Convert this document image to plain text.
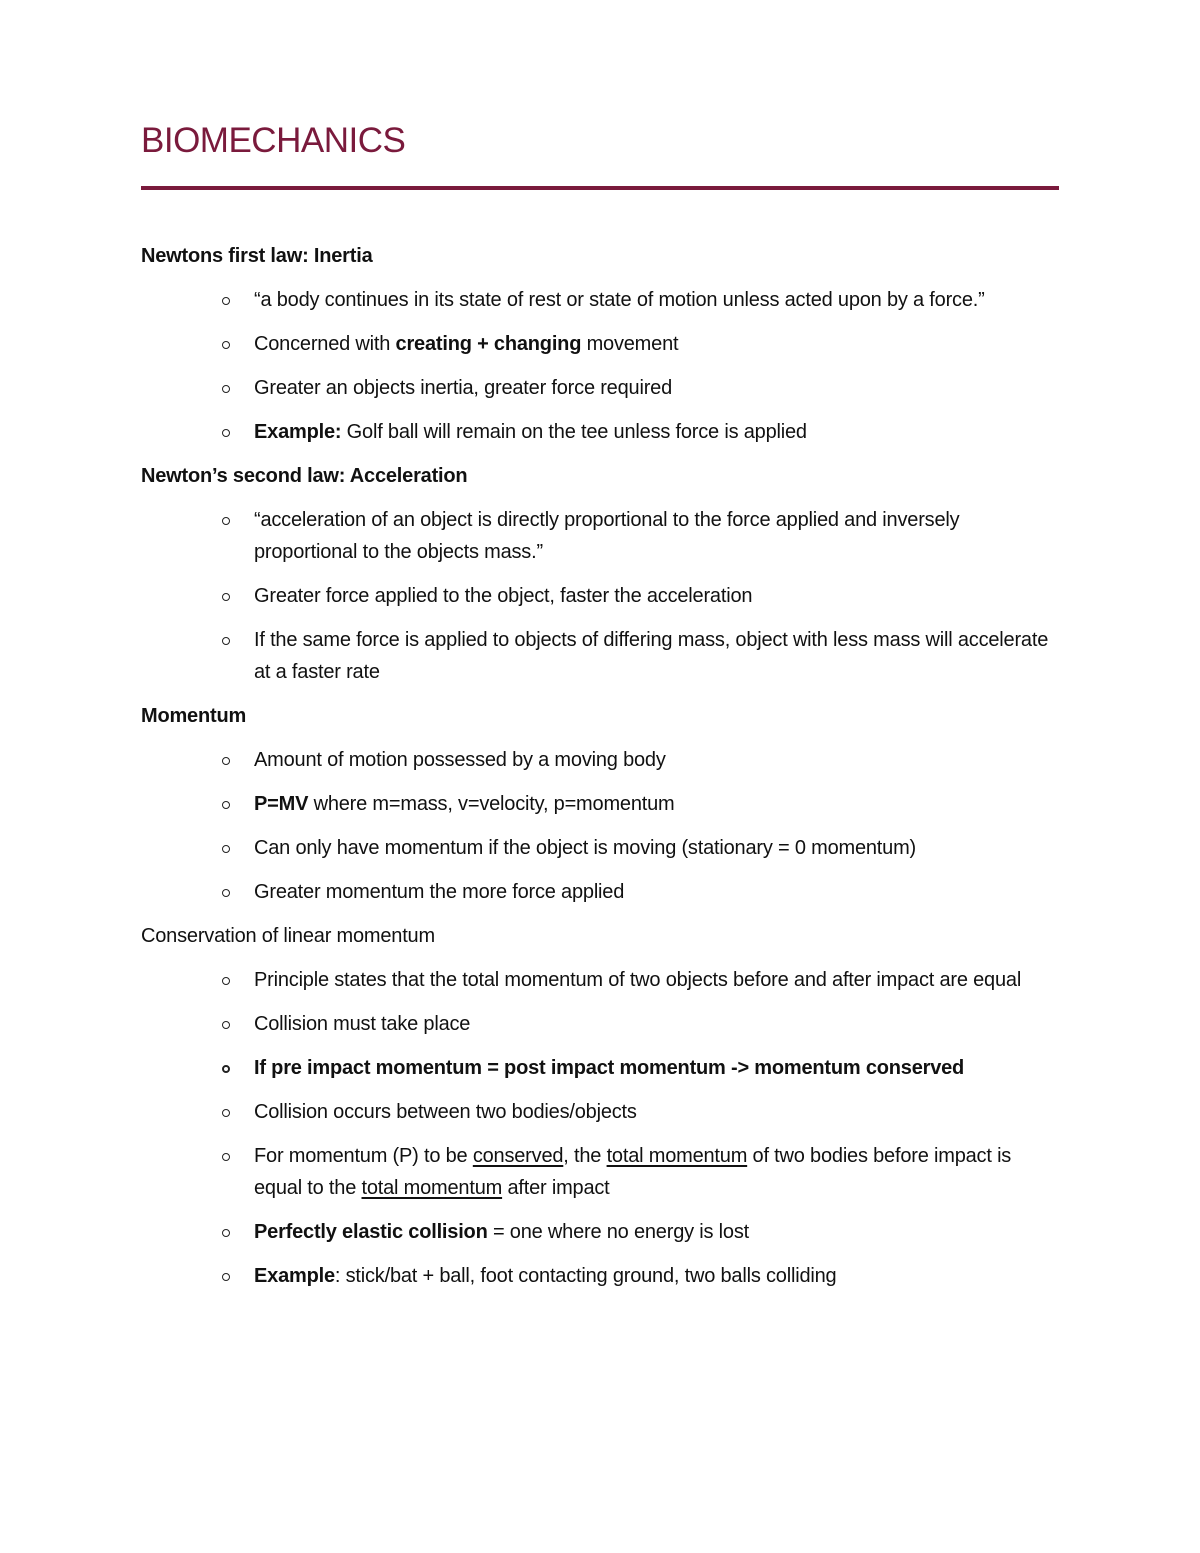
BIOMECHANICS
Newtons first law: Inertia
“a body continues in its state of rest or state of motion unless acted upon by a force.”
Concerned with creating + changing movement
Greater an objects inertia, greater force required
Example: Golf ball will remain on the tee unless force is applied
Newton’s second law: Acceleration
“acceleration of an object is directly proportional to the force applied and inversely proportional to the objects mass.”
Greater force applied to the object, faster the acceleration
If the same force is applied to objects of differing mass, object with less mass will accelerate at a faster rate
Momentum
Amount of motion possessed by a moving body
P=MV where m=mass, v=velocity, p=momentum
Can only have momentum if the object is moving (stationary = 0 momentum)
Greater momentum the more force applied
Conservation of linear momentum
Principle states that the total momentum of two objects before and after impact are equal
Collision must take place
If pre impact momentum = post impact momentum -> momentum conserved
Collision occurs between two bodies/objects
For momentum (P) to be conserved, the total momentum of two bodies before impact is equal to the total momentum after impact
Perfectly elastic collision = one where no energy is lost
Example: stick/bat + ball, foot contacting ground, two balls colliding
